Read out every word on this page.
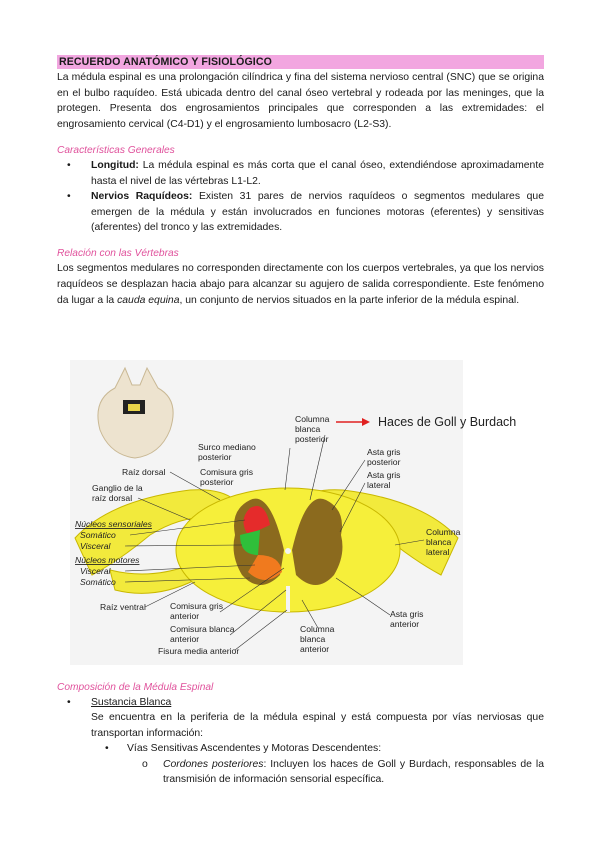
RECUERDO ANATÓMICO Y FISIOLÓGICO

La médula espinal es una prolongación cilíndrica y fina del sistema nervioso central (SNC) que se origina en el bulbo raquídeo. Está ubicada dentro del canal óseo vertebral y rodeada por las meninges, que la protegen. Presenta dos engrosamientos principales que corresponden a las extremidades: el engrosamiento cervical (C4-D1) y el engrosamiento lumbosacro (L2-S3).

Características Generales
• Longitud: La médula espinal es más corta que el canal óseo, extendiéndose aproximadamente hasta el nivel de las vértebras L1-L2.
• Nervios Raquídeos: Existen 31 pares de nervios raquídeos o segmentos medulares que emergen de la médula y están involucrados en funciones motoras (eferentes) y sensitivas (aferentes) del tronco y las extremidades.
Relación con las Vértebras

Los segmentos medulares no corresponden directamente con los cuerpos vertebrales, ya que los nervios raquídeos se desplazan hacia abajo para alcanzar su agujero de salida correspondiente. Este fenómeno da lugar a la cauda equina, un conjunto de nervios situados en la parte inferior de la médula espinal.

Columna
blanca
posterior
Haces de Goll y Burdach
Surco mediano
posterior
Comisura gris
posterior
Asta gris
posterior
Asta gris
lateral
Raíz dorsal
Ganglio de la
raíz dorsal
Núcleos sensoriales
Somático
Visceral
Núcleos motores
Visceral
Somático
Columna
blanca
lateral
Raíz ventral	Comisura gris
anterior
Comisura blanca
anterior
Fisura media anterior
Columna
blanca
anterior
Asta gris
anterior
Composición de la Médula Espinal
• Sustancia Blanca

Se encuentra en la periferia de la médula espinal y está compuesta por vías nerviosas que transportan información:

• Vías Sensitivas Ascendentes y Motoras Descendentes:
o Cordones posteriores: Incluyen los haces de Goll y Burdach, responsables de la transmisión de información sensorial específica.
